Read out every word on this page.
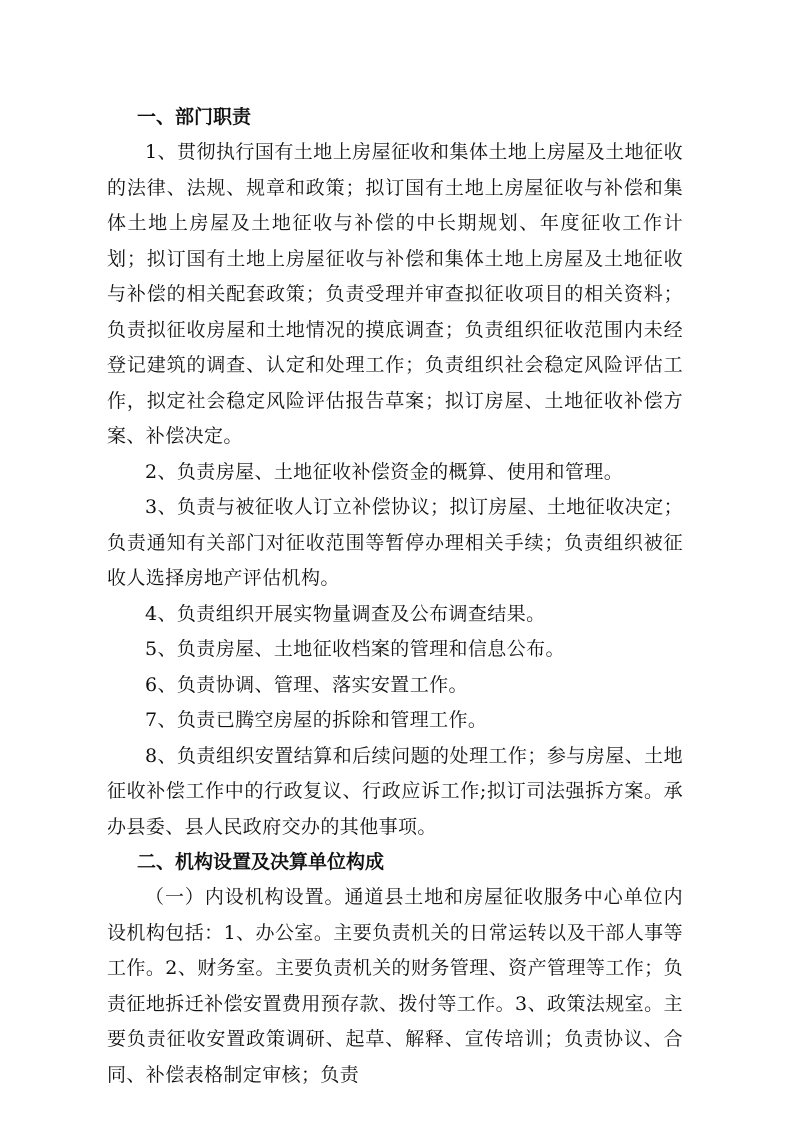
一、部门职责

1、贯彻执行国有土地上房屋征收和集体土地上房屋及土地征收的法律、法规、规章和政策；拟订国有土地上房屋征收与补偿和集体土地上房屋及土地征收与补偿的中长期规划、年度征收工作计划；拟订国有土地上房屋征收与补偿和集体土地上房屋及土地征收与补偿的相关配套政策；负责受理并审查拟征收项目的相关资料；负责拟征收房屋和土地情况的摸底调查；负责组织征收范围内未经登记建筑的调查、认定和处理工作；负责组织社会稳定风险评估工作，拟定社会稳定风险评估报告草案；拟订房屋、土地征收补偿方案、补偿决定。

2、负责房屋、土地征收补偿资金的概算、使用和管理。

3、负责与被征收人订立补偿协议；拟订房屋、土地征收决定；负责通知有关部门对征收范围等暂停办理相关手续；负责组织被征收人选择房地产评估机构。

4、负责组织开展实物量调查及公布调查结果。

5、负责房屋、土地征收档案的管理和信息公布。

6、负责协调、管理、落实安置工作。

7、负责已腾空房屋的拆除和管理工作。

8、负责组织安置结算和后续问题的处理工作；参与房屋、土地征收补偿工作中的行政复议、行政应诉工作;拟订司法强拆方案。承办县委、县人民政府交办的其他事项。

二、机构设置及决算单位构成

（一）内设机构设置。通道县土地和房屋征收服务中心单位内设机构包括：1、办公室。主要负责机关的日常运转以及干部人事等工作。2、财务室。主要负责机关的财务管理、资产管理等工作；负责征地拆迁补偿安置费用预存款、拨付等工作。3、政策法规室。主要负责征收安置政策调研、起草、解释、宣传培训；负责协议、合同、补偿表格制定审核；负责
